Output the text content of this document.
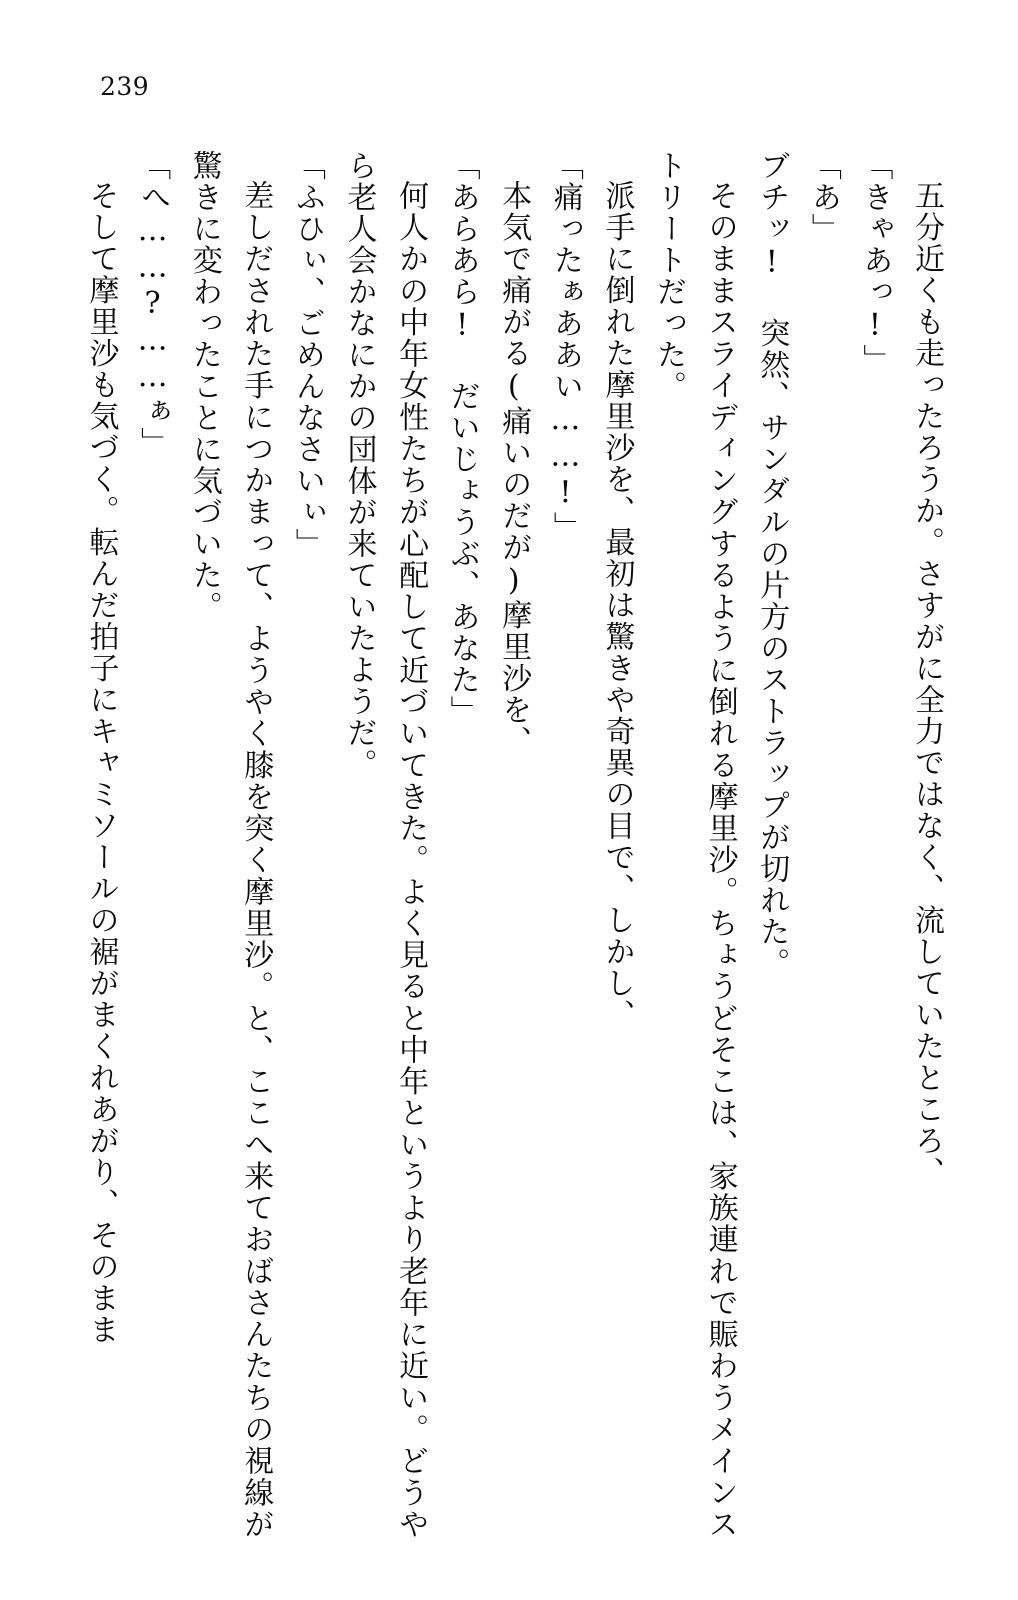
239

五分近くも走ったろうか。さすがに全力ではなく、流していたところ、

「きゃあっ!」

「あ」

ブチッ! 突然、サンダルの片方のストラップが切れた。

そのままスライディングするように倒れる摩里沙。ちょうどそこは、家族連れで賑わうメインストリートだった。

派手に倒れた摩里沙を、最初は驚きや奇異の目で、しかし、

「痛ったぁああい……!」

本気で痛がる(痛いのだが)摩里沙を、

「あらあら! だいじょうぶ、あなた」

何人かの中年女性たちが心配して近づいてきた。よく見ると中年というより老年に近い。どうやら老人会かなにかの団体が来ていたようだ。

「ふひぃ、ごめんなさいぃ」

差しだされた手につかまって、ようやく膝を突く摩里沙。と、ここへ来ておばさんたちの視線が驚きに変わったことに気づいた。

「へ……?……ぁ」

そして摩里沙も気づく。転んだ拍子にキャミソールの裾がまくれあがり、そのまま
